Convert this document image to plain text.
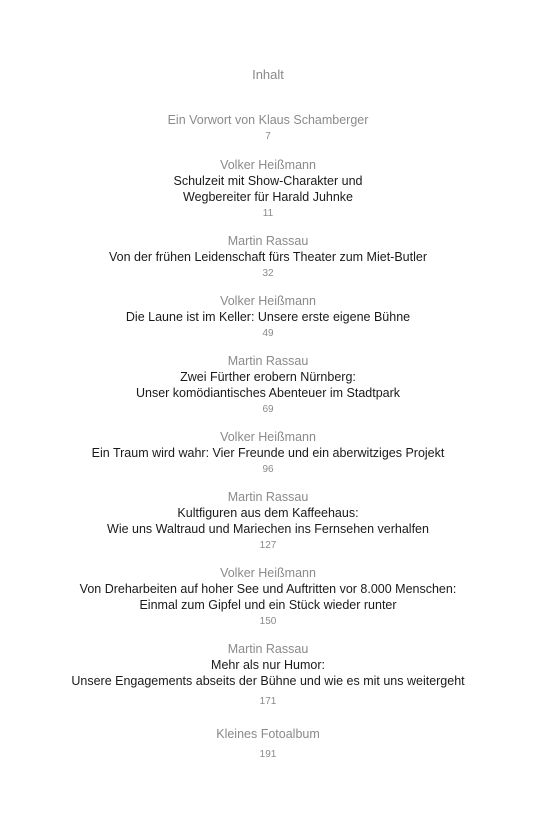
Inhalt
Ein Vorwort von Klaus Schamberger
7
Volker Heißmann
Schulzeit mit Show-Charakter und
Wegbereiter für Harald Juhnke
11
Martin Rassau
Von der frühen Leidenschaft fürs Theater zum Miet-Butler
32
Volker Heißmann
Die Laune ist im Keller: Unsere erste eigene Bühne
49
Martin Rassau
Zwei Fürther erobern Nürnberg:
Unser komödiantisches Abenteuer im Stadtpark
69
Volker Heißmann
Ein Traum wird wahr: Vier Freunde und ein aberwitziges Projekt
96
Martin Rassau
Kultfiguren aus dem Kaffeehaus:
Wie uns Waltraud und Mariechen ins Fernsehen verhalfen
127
Volker Heißmann
Von Dreharbeiten auf hoher See und Auftritten vor 8.000 Menschen:
Einmal zum Gipfel und ein Stück wieder runter
150
Martin Rassau
Mehr als nur Humor:
Unsere Engagements abseits der Bühne und wie es mit uns weitergeht
171
Kleines Fotoalbum
191
